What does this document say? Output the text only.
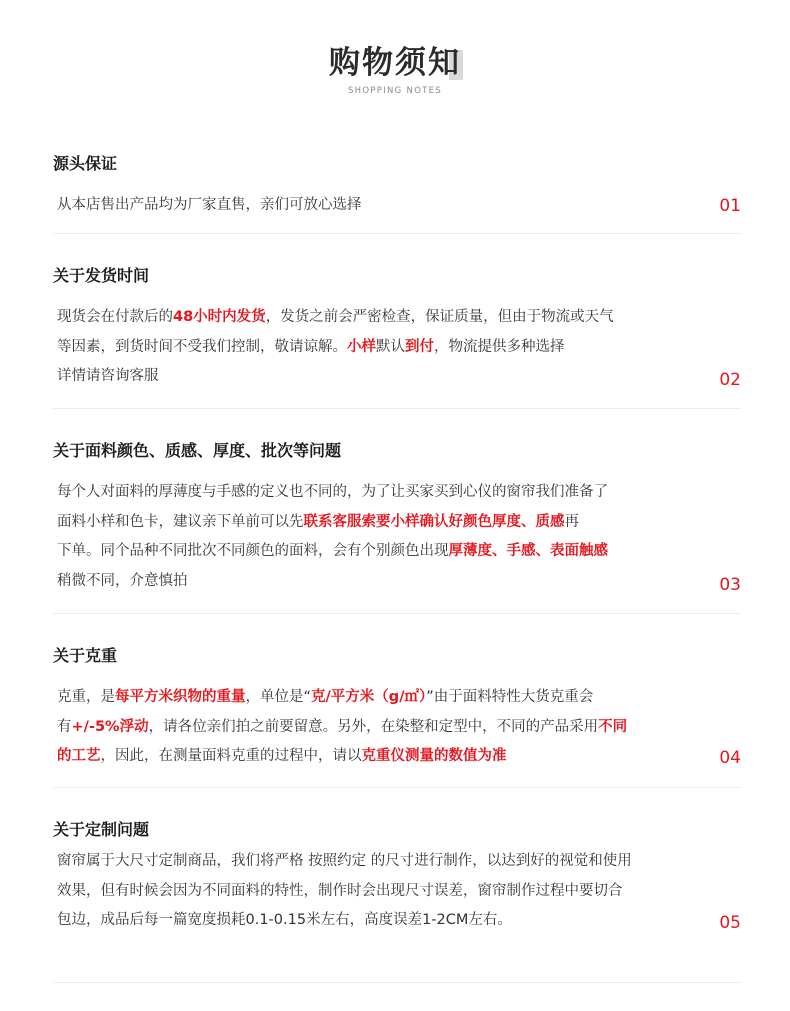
购物须知
SHOPPING NOTES
源头保证
从本店售出产品均为厂家直售，亲们可放心选择	01
关于发货时间
现货会在付款后的48小时内发货，发货之前会严密检查，保证质量，但由于物流或天气
等因素，到货时间不受我们控制，敬请谅解。小样默认到付，物流提供多种选择
详情请咨询客服	02
关于面料颜色、质感、厚度、批次等问题
每个人对面料的厚薄度与手感的定义也不同的，为了让买家买到心仪的窗帘我们准备了
面料小样和色卡，建议亲下单前可以先联系客服索要小样确认好颜色厚度、质感再
下单。同个品种不同批次不同颜色的面料，会有个别颜色出现厚薄度、手感、表面触感
稍微不同，介意慎拍	03
关于克重
克重，是每平方米织物的重量，单位是“克/平方米（g/㎡）”由于面料特性大货克重会
有+/-5%浮动，请各位亲们拍之前要留意。另外，在染整和定型中，不同的产品采用不同
的工艺，因此，在测量面料克重的过程中，请以克重仪测量的数值为准	04
关于定制问题
窗帘属于大尺寸定制商品，我们将严格 按照约定 的尺寸进行制作，以达到好的视觉和使用
效果，但有时候会因为不同面料的特性，制作时会出现尺寸误差，窗帘制作过程中要切合
包边，成品后每一篇宽度损耗0.1-0.15米左右，高度误差1-2CM左右。	05
